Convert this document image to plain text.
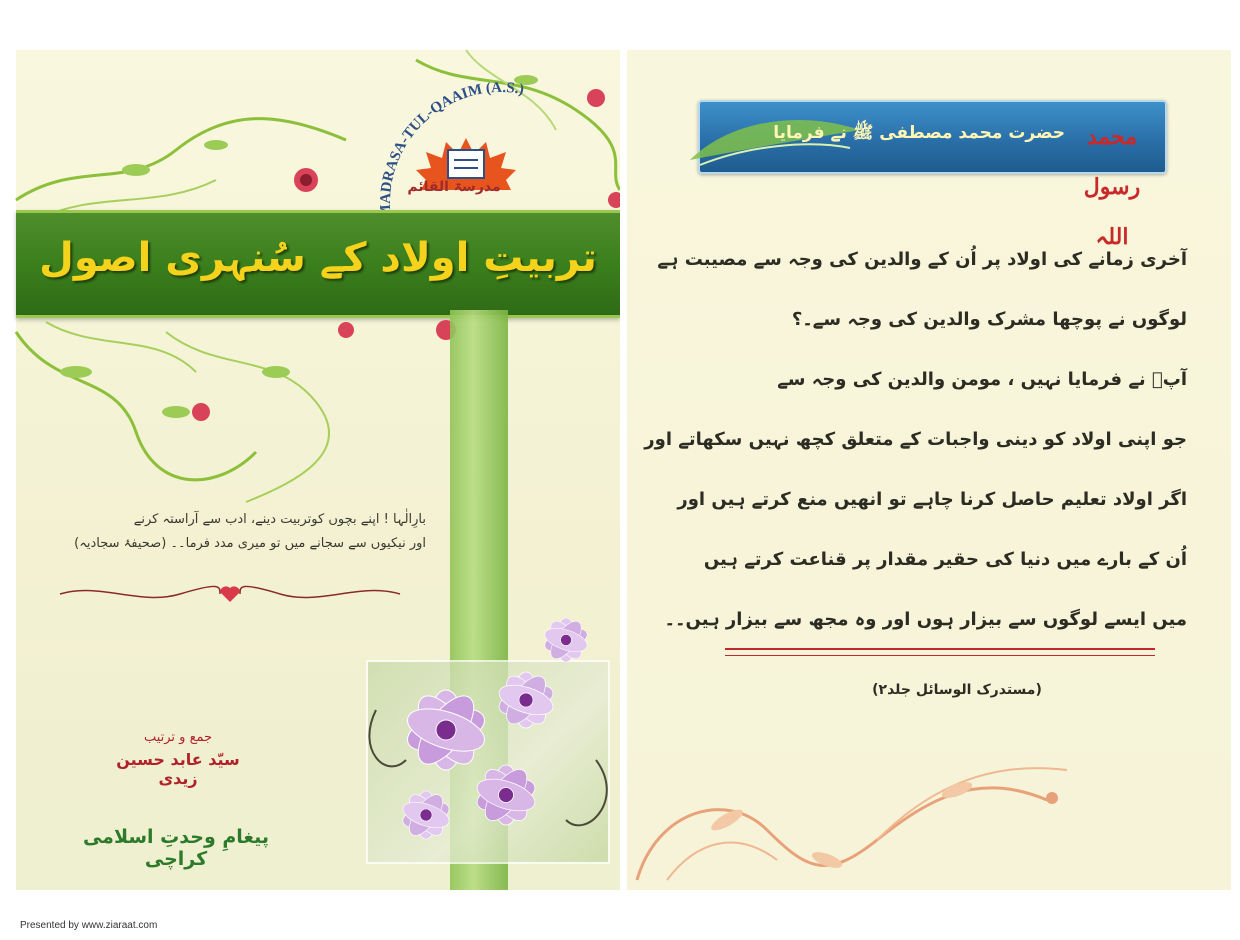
ADRASA-TUL-QAAIM (A.S.)
مدرسۃ القائم
تربیتِ اولاد کے سُنہری اصول
بارِالٰہا ! اپنے بچوں کوتربیت دینے، ادب سے آراستہ کرنے
اور نیکیوں سے سجانے میں تو میری مدد فرما۔۔ (صحیفۂ سجادیہ)
جمع و ترتیب
سیّد عابد حسین زیدی
پیغامِ وحدتِ اسلامی کراچی
حضرت محمد مصطفی ﷺ نے فرمایا محمد رسول اللہ
آخری زمانے کی اولاد پر اُن کے والدین کی وجہ سے مصیبت ہے
لوگوں نے پوچھا مشرک والدین کی وجہ سے۔؟
آپؐ نے فرمایا نہیں ، مومن والدین کی وجہ سے
جو اپنی اولاد کو دینی واجبات کے متعلق کچھ نہیں سکھاتے اور
اگر اولاد تعلیم حاصل کرنا چاہے تو انھیں منع کرتے ہیں اور
اُن کے بارے میں دنیا کی حقیر مقدار پر قناعت کرتے ہیں
میں ایسے لوگوں سے بیزار ہوں اور وہ مجھ سے بیزار ہیں۔۔
(مستدرک الوسائل جلد۲)
Presented by www.ziaraat.com
